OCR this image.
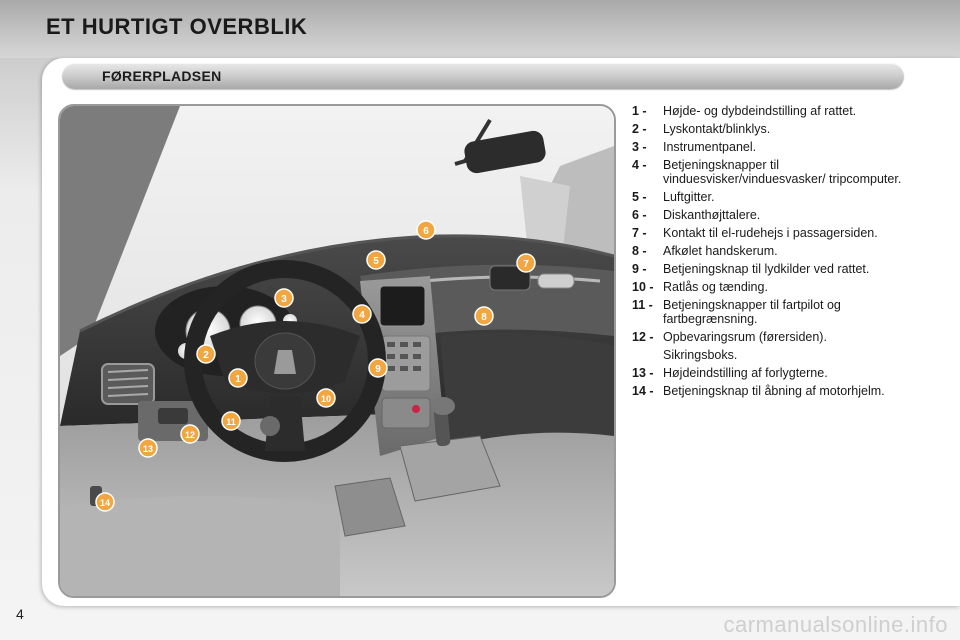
ET HURTIGT OVERBLIK
FØRERPLADSEN
1
2
3
4
5
6
7
8
9
10
11
12
13
14
1 -	Højde- og dybdeindstilling af rattet.
2 -	Lyskontakt/blinklys.
3 -	Instrumentpanel.
4 -	Betjeningsknapper til vinduesvisker/vinduesvasker/ tripcomputer.
5 -	Luftgitter.
6 -	Diskanthøjttalere.
7 -	Kontakt til el-rudehejs i passagersiden.
8 -	Afkølet handskerum.
9 -	Betjeningsknap til lydkilder ved rattet.
10 - Ratlås og tænding.
11 - Betjeningsknapper til fartpilot og fartbegrænsning.
12 - Opbevaringsrum (førersiden).
Sikringsboks.
13 - Højdeindstilling af forlygterne.
14 - Betjeningsknap til åbning af motorhjelm.
4	carmanualsonline.info
